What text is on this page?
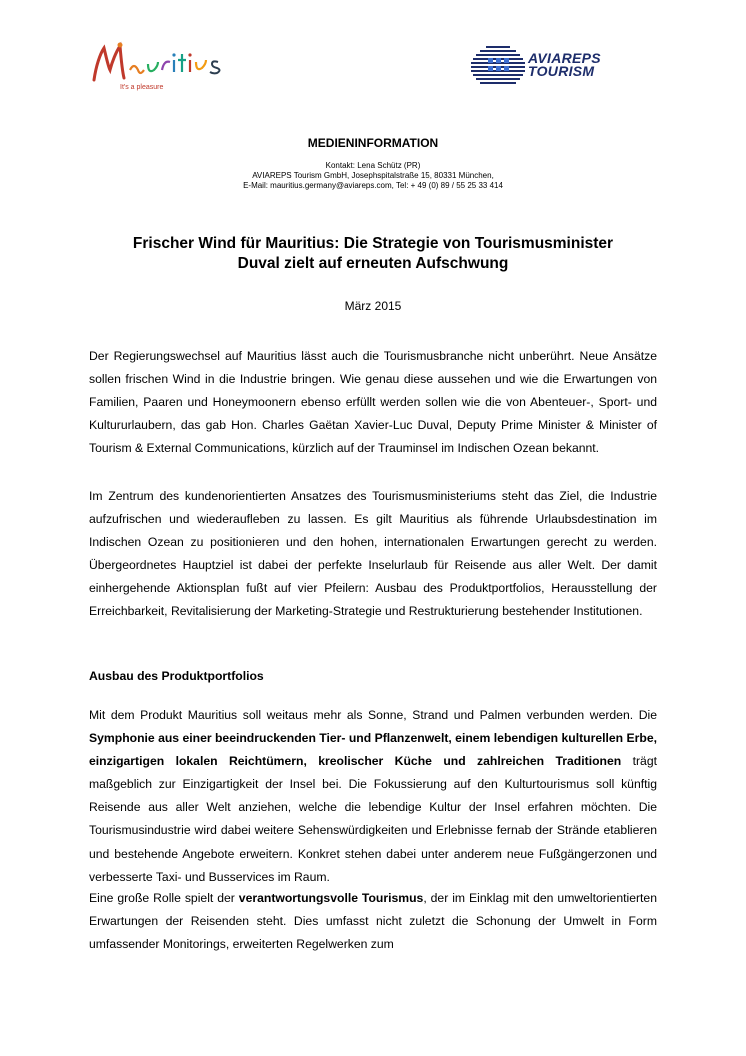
It's a pleasure
AVIAREPS
TOURISM
MEDIENINFORMATION
Kontakt: Lena Schütz (PR)
AVIAREPS Tourism GmbH, Josephspitalstraße 15, 80331 München,
E-Mail: mauritius.germany@aviareps.com, Tel: + 49 (0) 89 / 55 25 33 414
Frischer Wind für Mauritius: Die Strategie von Tourismusminister
Duval zielt auf erneuten Aufschwung
März 2015
Der Regierungswechsel auf Mauritius lässt auch die Tourismusbranche nicht unberührt. Neue Ansätze sollen frischen Wind in die Industrie bringen. Wie genau diese aussehen und wie die Erwartungen von Familien, Paaren und Honeymoonern ebenso erfüllt werden sollen wie die von Abenteuer-, Sport- und Kultururlaubern, das gab Hon. Charles Gaëtan Xavier-Luc Duval, Deputy Prime Minister & Minister of Tourism & External Communications, kürzlich auf der Trauminsel im Indischen Ozean bekannt.
Im Zentrum des kundenorientierten Ansatzes des Tourismusministeriums steht das Ziel, die Industrie aufzufrischen und wiederaufleben zu lassen. Es gilt Mauritius als führende Urlaubsdestination im Indischen Ozean zu positionieren und den hohen, internationalen Erwartungen gerecht zu werden. Übergeordnetes Hauptziel ist dabei der perfekte Inselurlaub für Reisende aus aller Welt. Der damit einhergehende Aktionsplan fußt auf vier Pfeilern: Ausbau des Produktportfolios, Herausstellung der Erreichbarkeit, Revitalisierung der Marketing-Strategie und Restrukturierung bestehender Institutionen.
Ausbau des Produktportfolios
Mit dem Produkt Mauritius soll weitaus mehr als Sonne, Strand und Palmen verbunden werden. Die Symphonie aus einer beeindruckenden Tier- und Pflanzenwelt, einem lebendigen kulturellen Erbe, einzigartigen lokalen Reichtümern, kreolischer Küche und zahlreichen Traditionen trägt maßgeblich zur Einzigartigkeit der Insel bei. Die Fokussierung auf den Kulturtourismus soll künftig Reisende aus aller Welt anziehen, welche die lebendige Kultur der Insel erfahren möchten. Die Tourismusindustrie wird dabei weitere Sehenswürdigkeiten und Erlebnisse fernab der Strände etablieren und bestehende Angebote erweitern. Konkret stehen dabei unter anderem neue Fußgängerzonen und verbesserte Taxi- und Busservices im Raum.
Eine große Rolle spielt der verantwortungsvolle Tourismus, der im Einklag mit den umweltorientierten Erwartungen der Reisenden steht. Dies umfasst nicht zuletzt die Schonung der Umwelt in Form umfassender Monitorings, erweiterten Regelwerken zum
